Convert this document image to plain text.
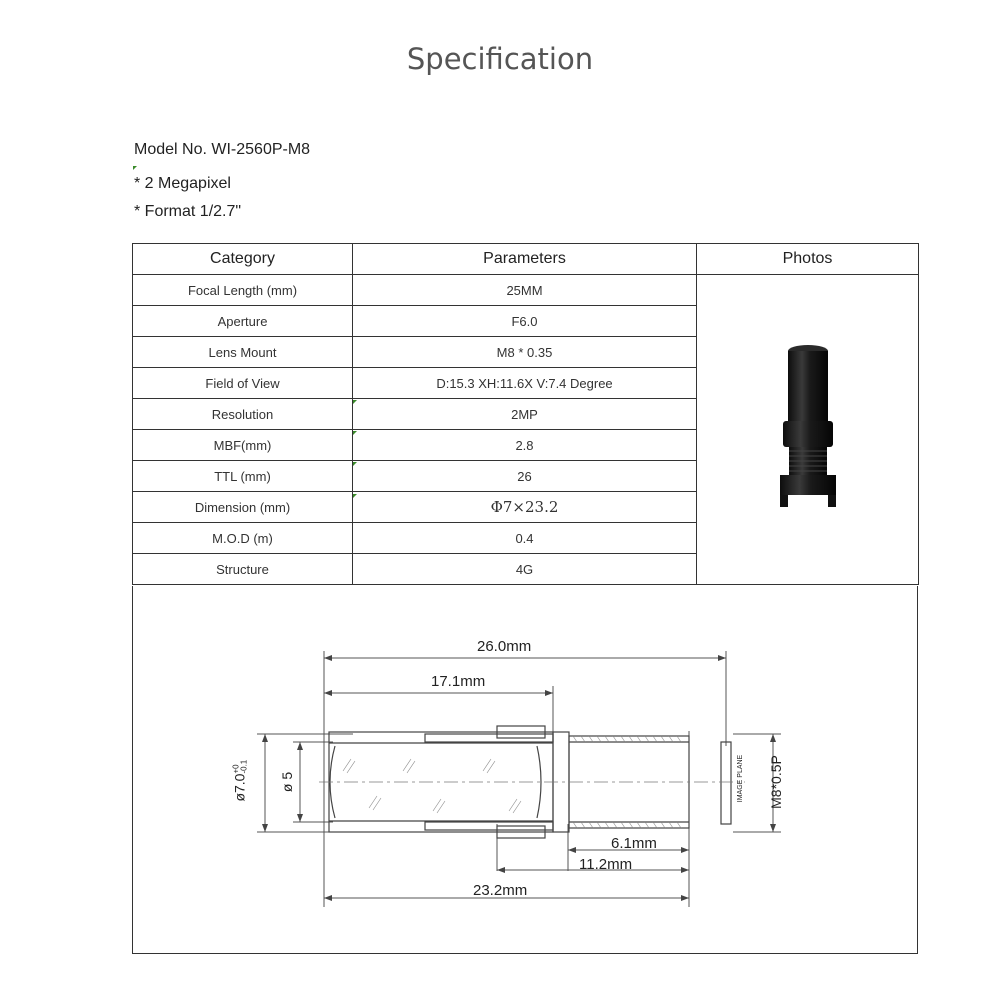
Specification
Model No. WI-2560P-M8
* 2 Megapixel
* Format 1/2.7"
Category	Parameters	Photos
Focal Length (mm)	25MM	
Aperture	F6.0	
Lens Mount	M8 * 0.35	
Field of View	D:15.3 XH:11.6X V:7.4 Degree	
Resolution	2MP	
MBF(mm)	2.8	
TTL (mm)	26	
Dimension (mm)	Φ7×23.2	
M.O.D (m)	0.4	
Structure	4G	
26.0mm
17.1mm
6.1mm
11.2mm
23.2mm
ø7.0
+0 -0.1
ø 5	IMAGE PLANE M8*0.5P
